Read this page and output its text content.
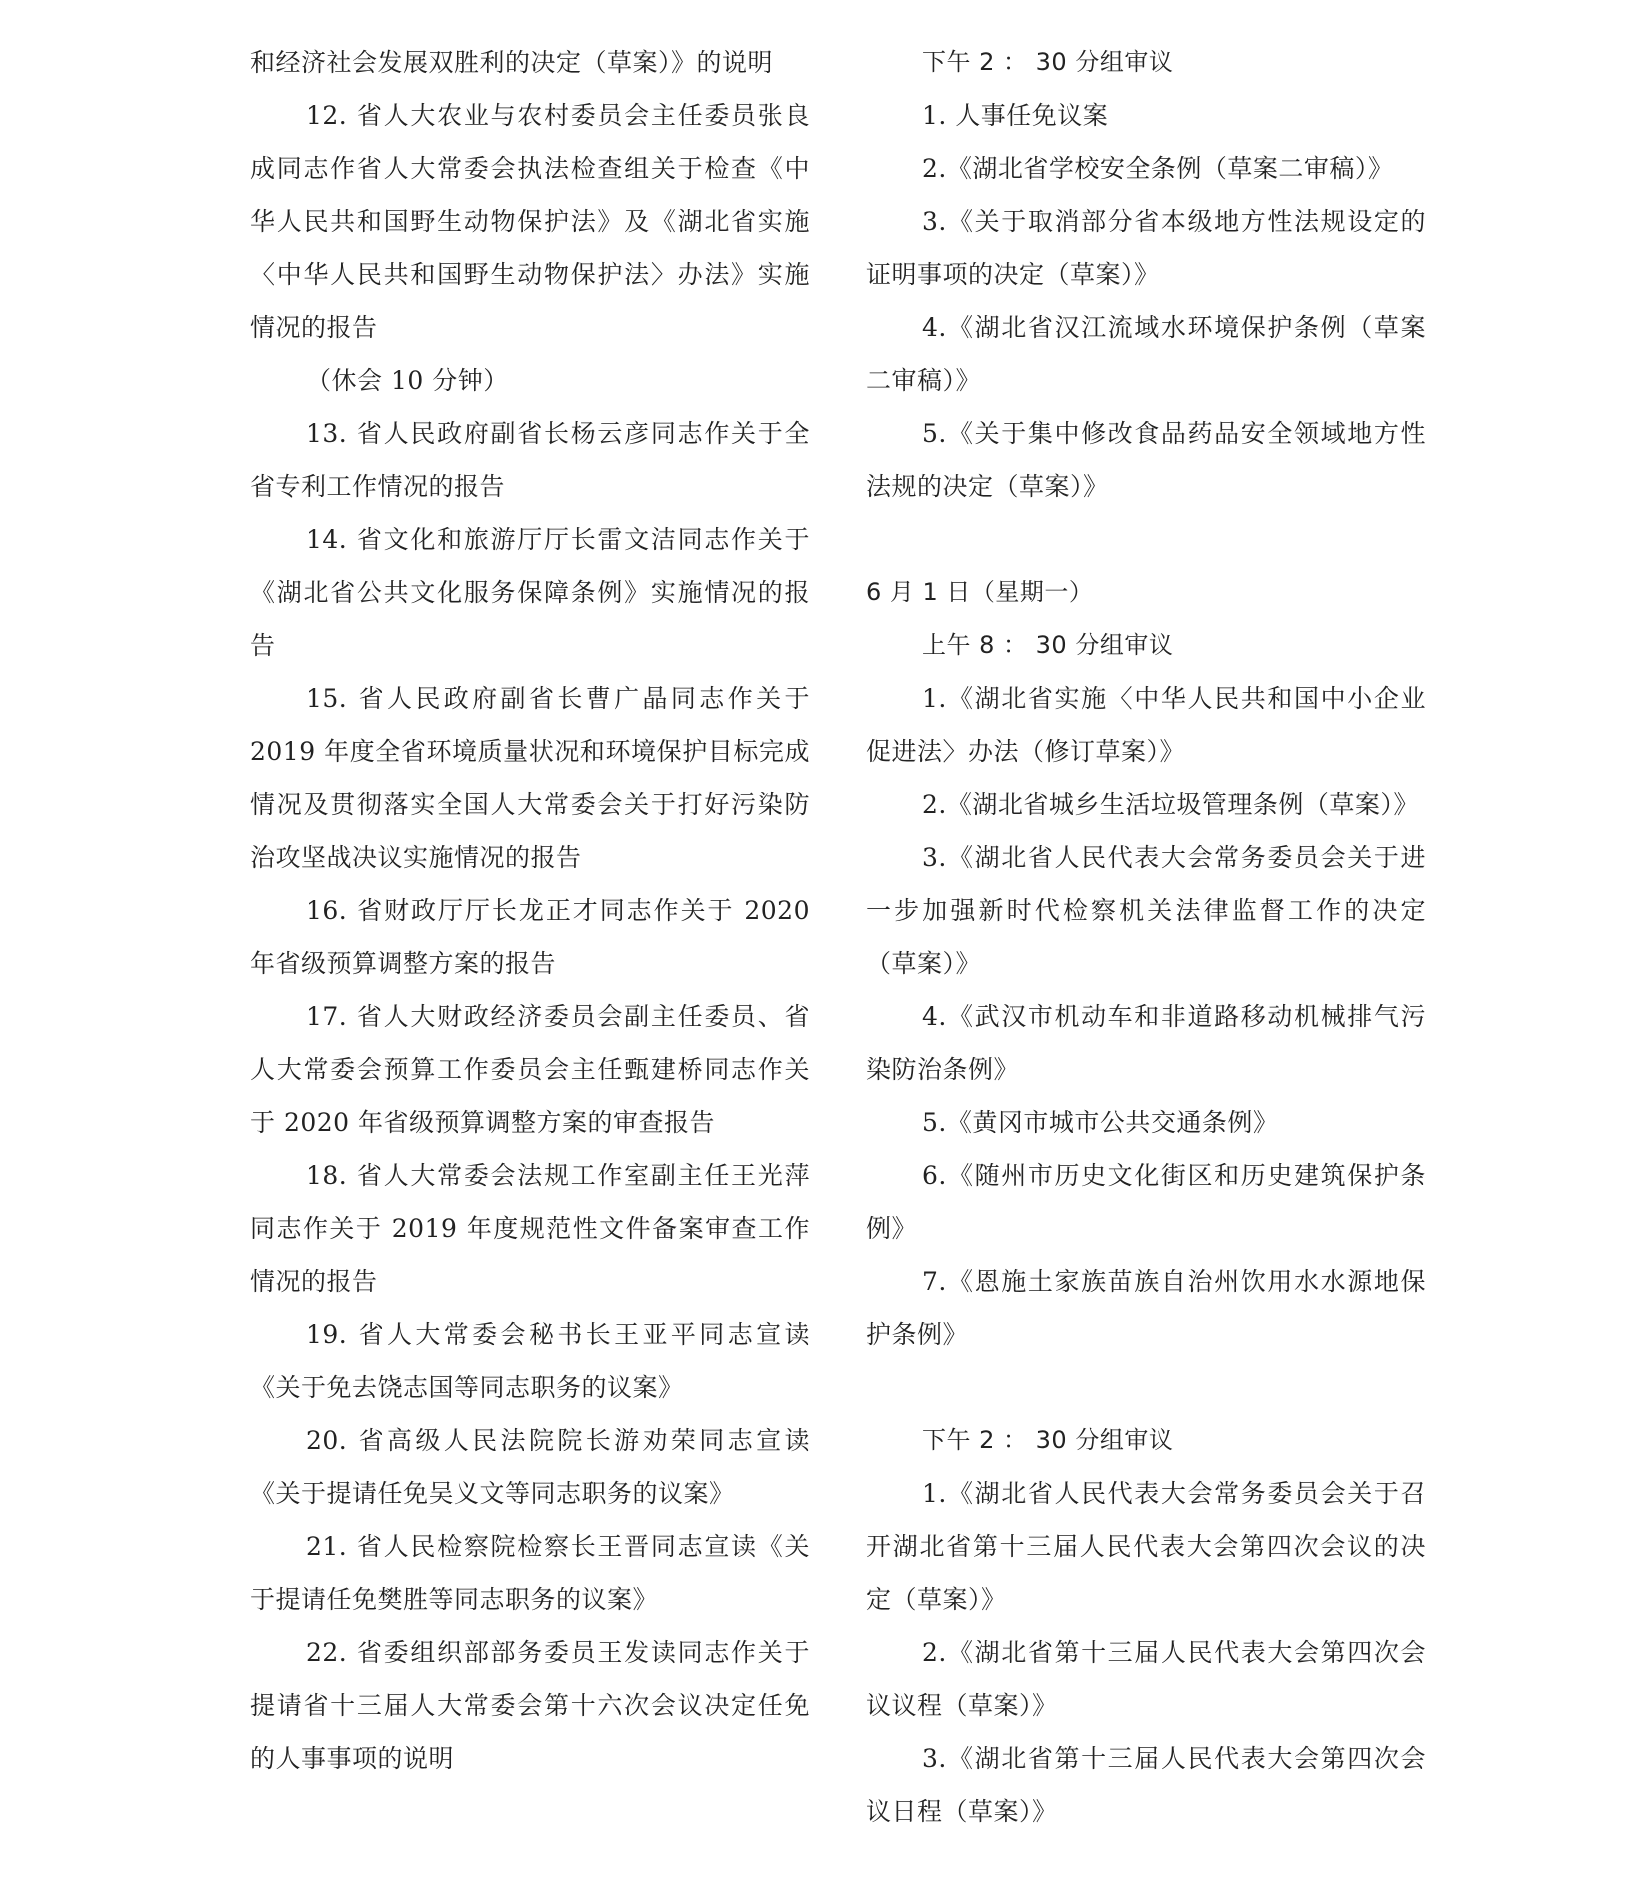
和经济社会发展双胜利的决定（草案）》的说明

12. 省人大农业与农村委员会主任委员张良成同志作省人大常委会执法检查组关于检查《中华人民共和国野生动物保护法》及《湖北省实施〈中华人民共和国野生动物保护法〉办法》实施情况的报告

（休会 10 分钟）

13. 省人民政府副省长杨云彦同志作关于全省专利工作情况的报告

14. 省文化和旅游厅厅长雷文洁同志作关于《湖北省公共文化服务保障条例》实施情况的报告

15. 省人民政府副省长曹广晶同志作关于2019 年度全省环境质量状况和环境保护目标完成情况及贯彻落实全国人大常委会关于打好污染防治攻坚战决议实施情况的报告

16. 省财政厅厅长龙正才同志作关于 2020 年省级预算调整方案的报告

17. 省人大财政经济委员会副主任委员、省人大常委会预算工作委员会主任甄建桥同志作关于 2020 年省级预算调整方案的审查报告

18. 省人大常委会法规工作室副主任王光萍同志作关于 2019 年度规范性文件备案审查工作情况的报告

19. 省人大常委会秘书长王亚平同志宣读《关于免去饶志国等同志职务的议案》

20. 省高级人民法院院长游劝荣同志宣读《关于提请任免吴义文等同志职务的议案》

21. 省人民检察院检察长王晋同志宣读《关于提请任免樊胜等同志职务的议案》

22. 省委组织部部务委员王发读同志作关于提请省十三届人大常委会第十六次会议决定任免的人事事项的说明

下午 2 ： 30 分组审议

1. 人事任免议案

2.《湖北省学校安全条例（草案二审稿）》

3.《关于取消部分省本级地方性法规设定的证明事项的决定（草案）》

4.《湖北省汉江流域水环境保护条例（草案二审稿）》

5.《关于集中修改食品药品安全领域地方性法规的决定（草案）》

6 月 1 日（星期一）

上午 8 ： 30 分组审议

1.《湖北省实施〈中华人民共和国中小企业促进法〉办法（修订草案）》

2.《湖北省城乡生活垃圾管理条例（草案）》

3.《湖北省人民代表大会常务委员会关于进一步加强新时代检察机关法律监督工作的决定（草案）》

4.《武汉市机动车和非道路移动机械排气污染防治条例》

5.《黄冈市城市公共交通条例》

6.《随州市历史文化街区和历史建筑保护条例》

7.《恩施土家族苗族自治州饮用水水源地保护条例》

下午 2 ： 30 分组审议

1.《湖北省人民代表大会常务委员会关于召开湖北省第十三届人民代表大会第四次会议的决定（草案）》

2.《湖北省第十三届人民代表大会第四次会议议程（草案）》

3.《湖北省第十三届人民代表大会第四次会议日程（草案）》
